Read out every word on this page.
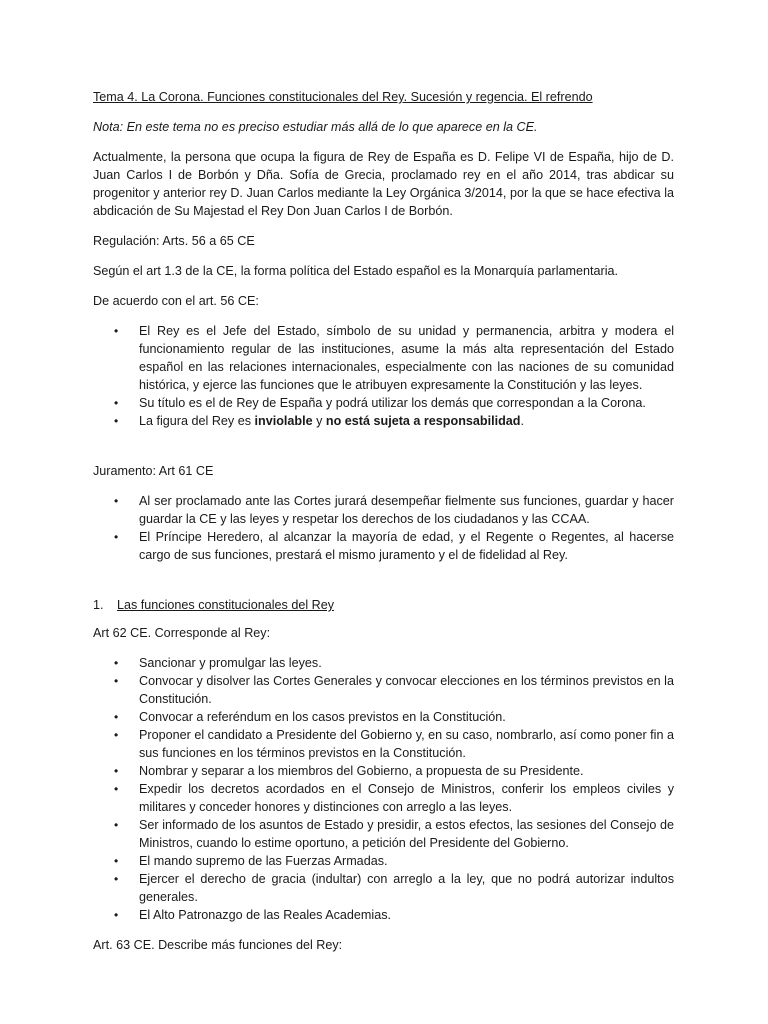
Tema 4. La Corona. Funciones constitucionales del Rey. Sucesión y regencia. El refrendo

Nota: En este tema no es preciso estudiar más allá de lo que aparece en la CE.

Actualmente, la persona que ocupa la figura de Rey de España es D. Felipe VI de España, hijo de D. Juan Carlos I de Borbón y Dña. Sofía de Grecia, proclamado rey en el año 2014, tras abdicar su progenitor y anterior rey D. Juan Carlos mediante la Ley Orgánica 3/2014, por la que se hace efectiva la abdicación de Su Majestad el Rey Don Juan Carlos I de Borbón.

Regulación: Arts. 56 a 65 CE

Según el art 1.3 de la CE, la forma política del Estado español es la Monarquía parlamentaria.

De acuerdo con el art. 56 CE:

• El Rey es el Jefe del Estado, símbolo de su unidad y permanencia, arbitra y modera el funcionamiento regular de las instituciones, asume la más alta representación del Estado español en las relaciones internacionales, especialmente con las naciones de su comunidad histórica, y ejerce las funciones que le atribuyen expresamente la Constitución y las leyes.
• Su título es el de Rey de España y podrá utilizar los demás que correspondan a la Corona.
• La figura del Rey es inviolable y no está sujeta a responsabilidad.

Juramento: Art 61 CE

• Al ser proclamado ante las Cortes jurará desempeñar fielmente sus funciones, guardar y hacer guardar la CE y las leyes y respetar los derechos de los ciudadanos y las CCAA.
• El Príncipe Heredero, al alcanzar la mayoría de edad, y el Regente o Regentes, al hacerse cargo de sus funciones, prestará el mismo juramento y el de fidelidad al Rey.

1. Las funciones constitucionales del Rey

Art 62 CE. Corresponde al Rey:

• Sancionar y promulgar las leyes.
• Convocar y disolver las Cortes Generales y convocar elecciones en los términos previstos en la Constitución.
• Convocar a referéndum en los casos previstos en la Constitución.
• Proponer el candidato a Presidente del Gobierno y, en su caso, nombrarlo, así como poner fin a sus funciones en los términos previstos en la Constitución.
• Nombrar y separar a los miembros del Gobierno, a propuesta de su Presidente.
• Expedir los decretos acordados en el Consejo de Ministros, conferir los empleos civiles y militares y conceder honores y distinciones con arreglo a las leyes.
• Ser informado de los asuntos de Estado y presidir, a estos efectos, las sesiones del Consejo de Ministros, cuando lo estime oportuno, a petición del Presidente del Gobierno.
• El mando supremo de las Fuerzas Armadas.
• Ejercer el derecho de gracia (indultar) con arreglo a la ley, que no podrá autorizar indultos generales.
• El Alto Patronazgo de las Reales Academias.

Art. 63 CE. Describe más funciones del Rey:
